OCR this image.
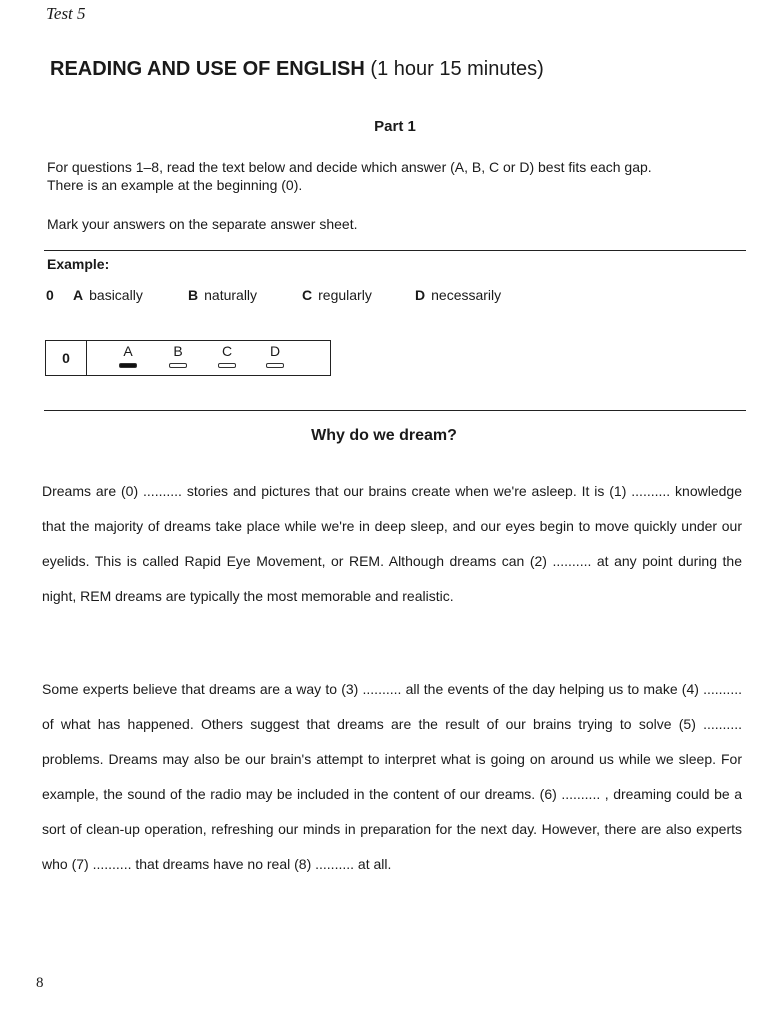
Test 5
READING AND USE OF ENGLISH (1 hour 15 minutes)
Part 1
For questions 1–8, read the text below and decide which answer (A, B, C or D) best fits each gap.
There is an example at the beginning (0).
Mark your answers on the separate answer sheet.
Example:
0	A basically	B naturally	C regularly	D necessarily
0	A	B	C	D
Why do we dream?
Dreams are (0) .......... stories and pictures that our brains create when we're asleep. It is (1) .......... knowledge that the majority of dreams take place while we're in deep sleep, and our eyes begin to move quickly under our eyelids. This is called Rapid Eye Movement, or REM. Although dreams can (2) .......... at any point during the night, REM dreams are typically the most memorable and realistic.
Some experts believe that dreams are a way to (3) .......... all the events of the day helping us to make (4) .......... of what has happened. Others suggest that dreams are the result of our brains trying to solve (5) .......... problems. Dreams may also be our brain's attempt to interpret what is going on around us while we sleep. For example, the sound of the radio may be included in the content of our dreams. (6) .......... , dreaming could be a sort of clean-up operation, refreshing our minds in preparation for the next day. However, there are also experts who (7) .......... that dreams have no real (8) .......... at all.
8
